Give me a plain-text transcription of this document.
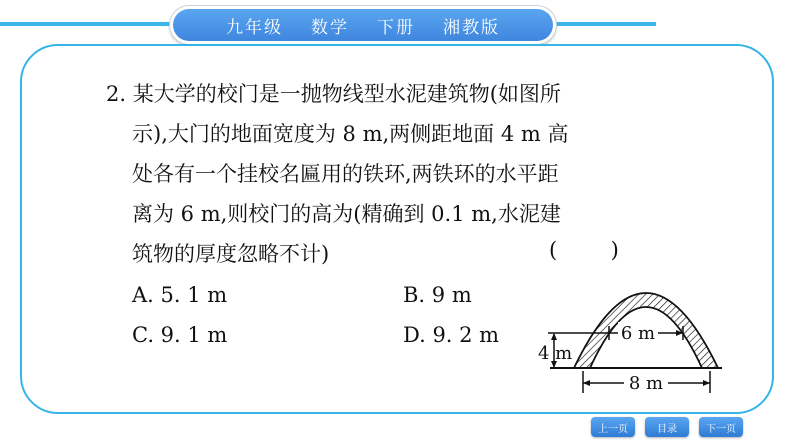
九年级 数学 下册 湘教版
2. 某大学的校门是一抛物线型水泥建筑物(如图所
示),大门的地面宽度为 8 m,两侧距地面 4 m 高
处各有一个挂校名匾用的铁环,两铁环的水平距
离为 6 m,则校门的高为(精确到 0.1 m,水泥建
筑物的厚度忽略不计)	(        )
A. 5. 1 m	B. 9 m
C. 9. 1 m	D. 9. 2 m	6 m
4 m
8 m
上一页	目录	下一页
